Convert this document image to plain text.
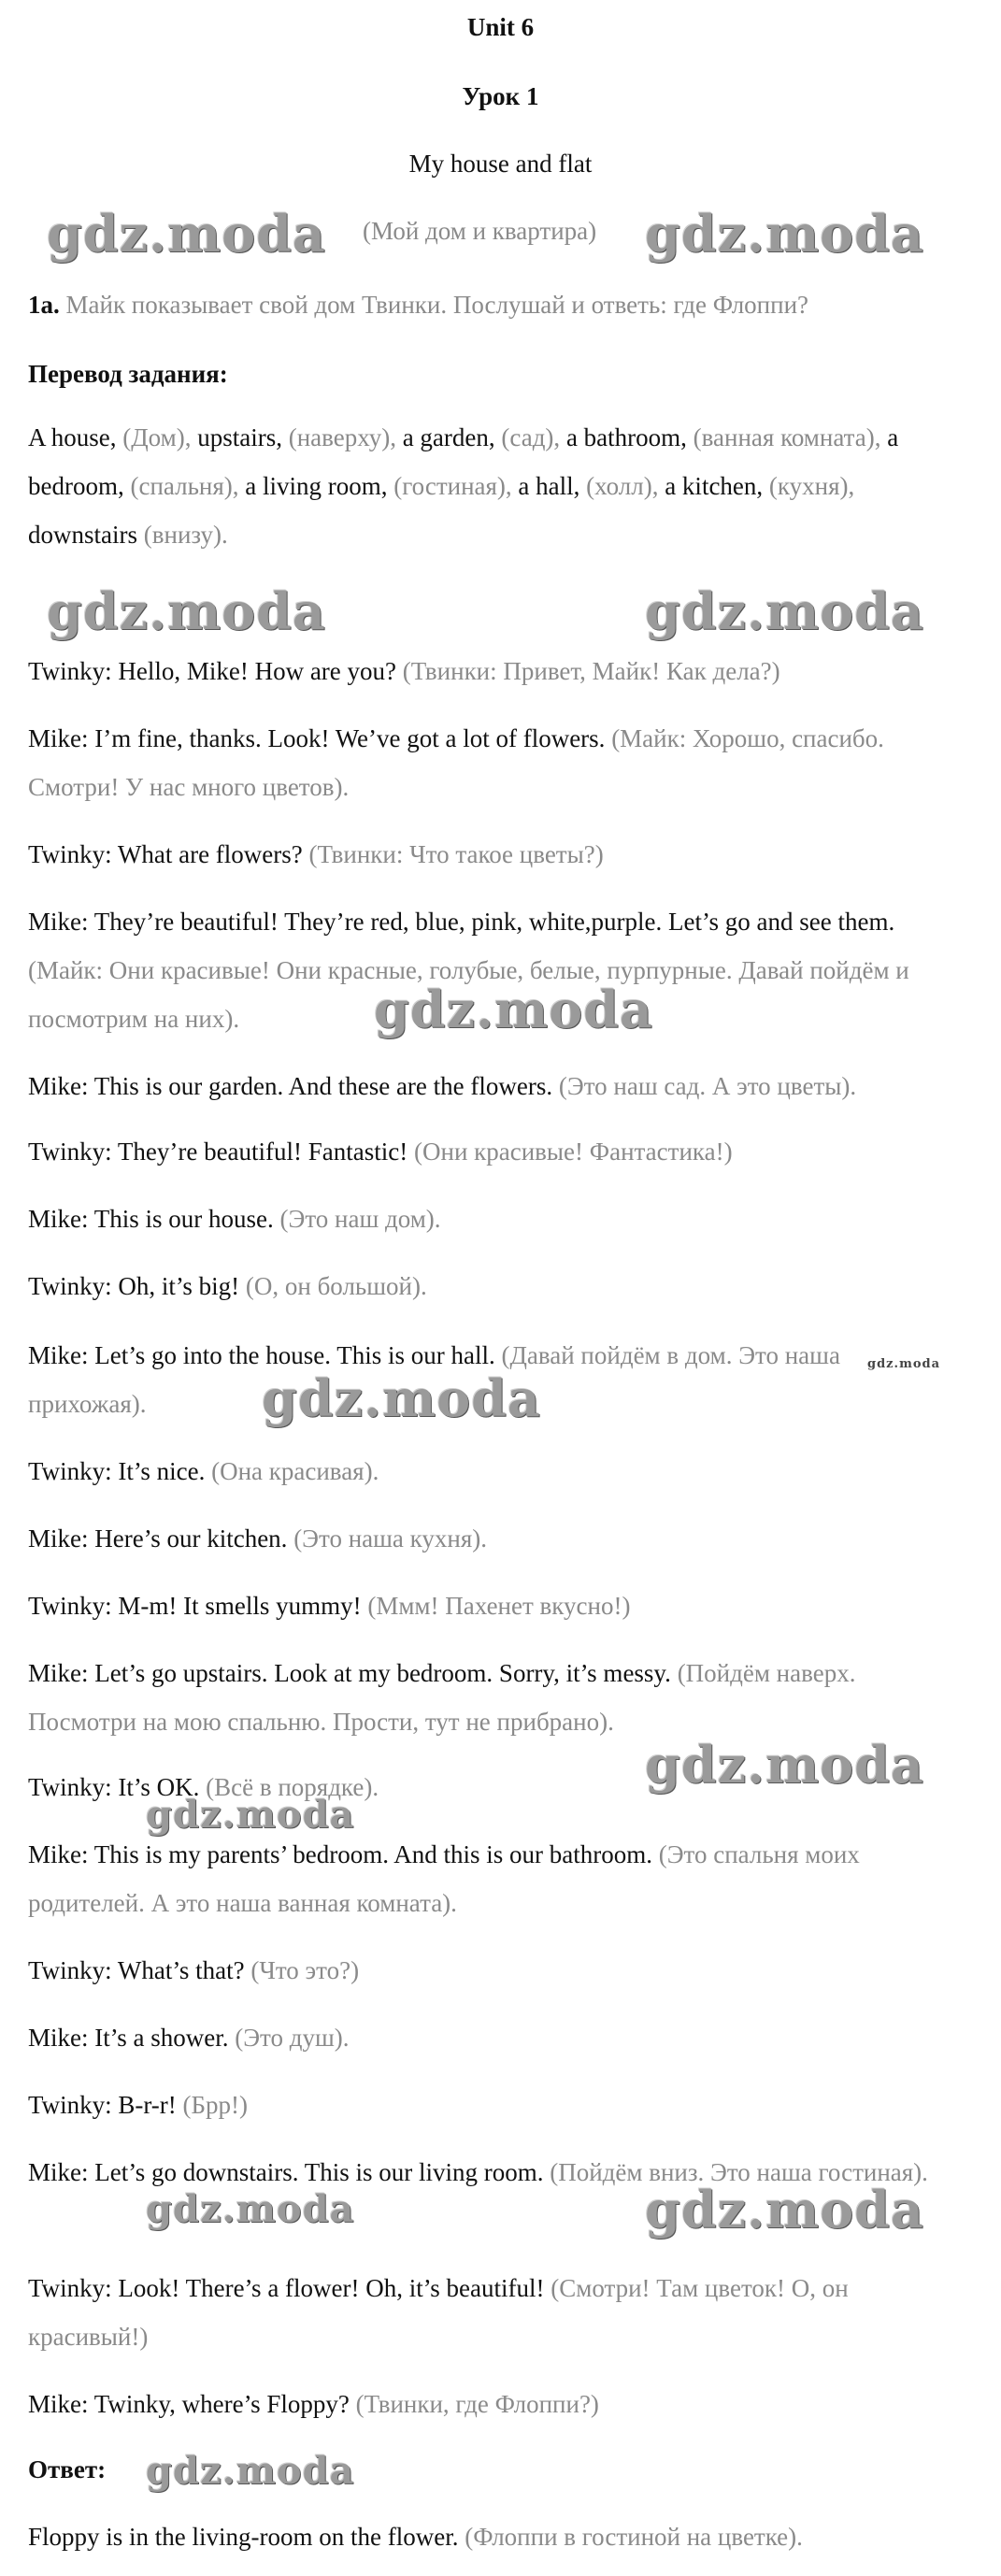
Unit 6
Урок 1
My house and flat
(Мой дом и квартира)
1a. Майк показывает свой дом Твинки. Послушай и ответь: где Флоппи?
Перевод задания:
A house, (Дом), upstairs, (наверху), a garden, (сад), a bathroom, (ванная комната), a bedroom, (спальня), a living room, (гостиная), a hall, (холл), a kitchen, (кухня), downstairs (внизу).
Twinky: Hello, Mike! How are you? (Твинки: Привет, Майк! Как дела?)
Mike: I’m fine, thanks. Look! We’ve got a lot of flowers. (Майк: Хорошо, спасибо. Смотри! У нас много цветов).
Twinky: What are flowers? (Твинки: Что такое цветы?)
Mike: They’re beautiful! They’re red, blue, pink, white,purple. Let’s go and see them. (Майк: Они красивые! Они красные, голубые, белые, пурпурные. Давай пойдём и посмотрим на них).
Mike: This is our garden. And these are the flowers. (Это наш сад. А это цветы).
Twinky: They’re beautiful! Fantastic! (Они красивые! Фантастика!)
Mike: This is our house. (Это наш дом).
Twinky: Oh, it’s big! (О, он большой).
Mike: Let’s go into the house. This is our hall. (Давай пойдём в дом. Это наша прихожая).
Twinky: It’s nice. (Она красивая).
Mike: Here’s our kitchen. (Это наша кухня).
Twinky: M-m! It smells yummy! (Ммм! Пахенет вкусно!)
Mike: Let’s go upstairs. Look at my bedroom. Sorry, it’s messy. (Пойдём наверх. Посмотри на мою спальню. Прости, тут не прибрано).
Twinky: It’s OK. (Всё в порядке).
Mike: This is my parents’ bedroom. And this is our bathroom. (Это спальня моих родителей. А это наша ванная комната).
Twinky: What’s that? (Что это?)
Mike: It’s a shower. (Это душ).
Twinky: B-r-r! (Брр!)
Mike: Let’s go downstairs. This is our living room. (Пойдём вниз. Это наша гостиная).
Twinky: Look! There’s a flower! Oh, it’s beautiful! (Смотри! Там цветок! О, он красивый!)
Mike: Twinky, where’s Floppy? (Твинки, где Флоппи?)
Ответ:
Floppy is in the living-room on the flower. (Флоппи в гостиной на цветке).
gdz.moda	gdz.moda
gdz.moda	gdz.moda
gdz.moda
gdz.moda
gdz.moda
gdz.moda
gdz.moda
gdz.moda	gdz.moda
gdz.moda
